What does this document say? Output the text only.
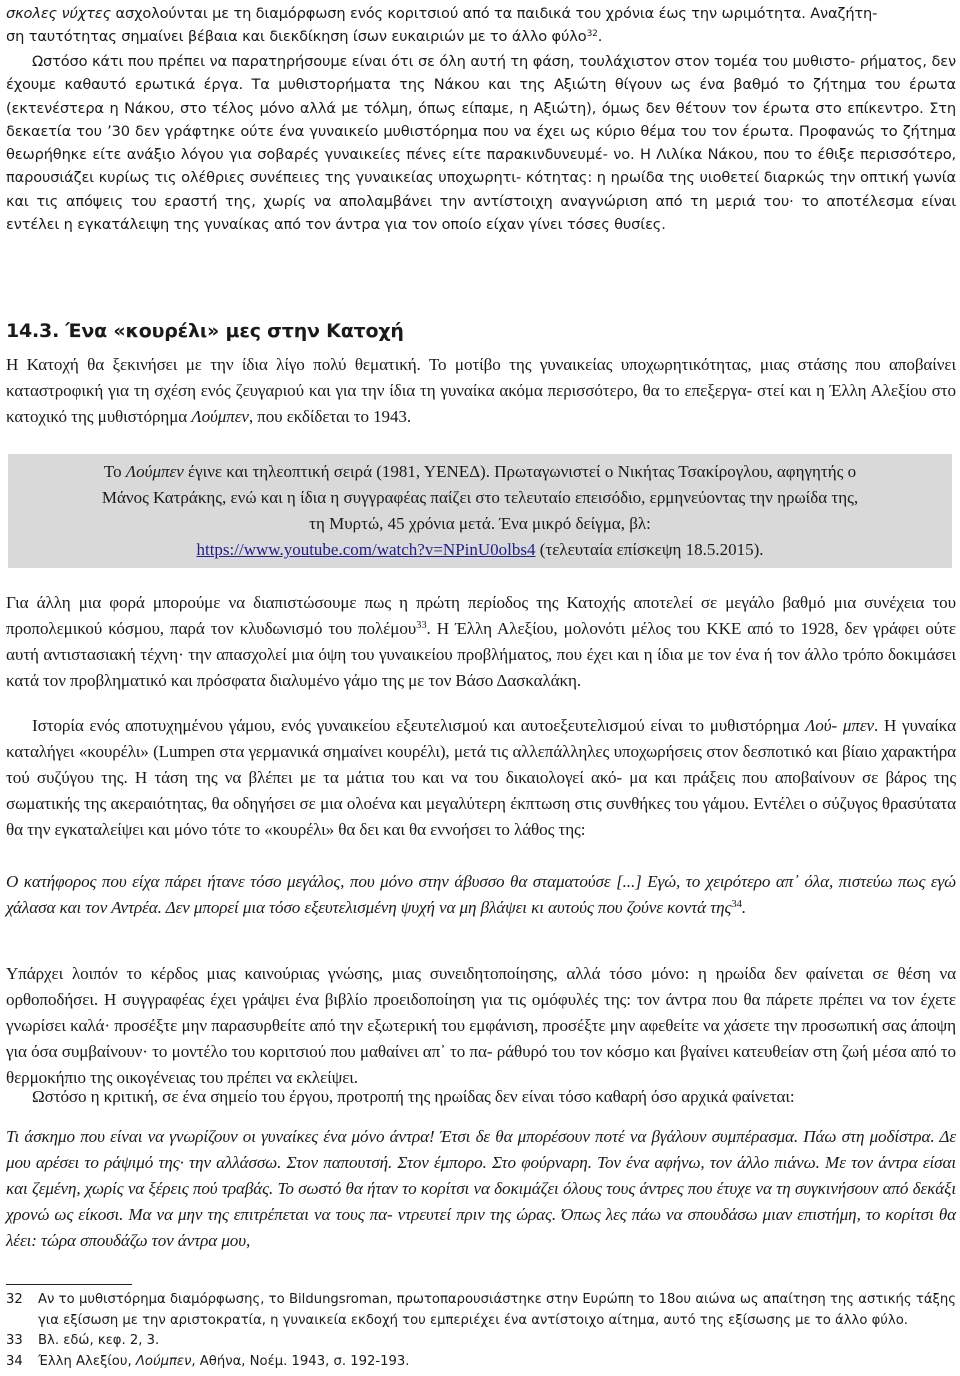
σκολες νύχτες ασχολούνται με τη διαμόρφωση ενός κοριτσιού από τα παιδικά του χρόνια έως την ωριμότητα. Αναζήτη-

ση ταυτότητας σημαίνει βέβαια και διεκδίκηση ίσων ευκαιριών με το άλλο φύλο$^{32}$.

Ωστόσο κάτι που πρέπει να παρατηρήσουμε είναι ότι σε όλη αυτή τη φάση, τουλάχιστον στον τομέα του μυθιστο- ρήματος, δεν έχουμε καθαυτό ερωτικά έργα. Τα μυθιστορήματα της Νάκου και της Αξιώτη θίγουν ως ένα βαθμό το ζήτημα του έρωτα (εκτενέστερα η Νάκου, στο τέλος μόνο αλλά με τόλμη, όπως είπαμε, η Αξιώτη), όμως δεν θέτουν τον έρωτα στο επίκεντρο. Στη δεκαετία του ’30 δεν γράφτηκε ούτε ένα γυναικείο μυθιστόρημα που να έχει ως κύριο θέμα του τον έρωτα. Προφανώς το ζήτημα θεωρήθηκε είτε ανάξιο λόγου για σοβαρές γυναικείες πένες είτε παρακινδυνευμέ- νο. Η Λιλίκα Νάκου, που το έθιξε περισσότερο, παρουσιάζει κυρίως τις ολέθριες συνέπειες της γυναικείας υποχωρητι- κότητας: η ηρωίδα της υιοθετεί διαρκώς την οπτική γωνία και τις απόψεις του εραστή της, χωρίς να απολαμβάνει την αντίστοιχη αναγνώριση από τη μεριά του· το αποτέλεσμα είναι εντέλει η εγκατάλειψη της γυναίκας από τον άντρα για τον οποίο είχαν γίνει τόσες θυσίες.

14.3. Ένα «κουρέλι» μες στην Κατοχή

Η Κατοχή θα ξεκινήσει με την ίδια λίγο πολύ θεματική. Το μοτίβο της γυναικείας υποχωρητικότητας, μιας στάσης που αποβαίνει καταστροφική για τη σχέση ενός ζευγαριού και για την ίδια τη γυναίκα ακόμα περισσότερο, θα το επεξεργα- στεί και η Έλλη Αλεξίου στο κατοχικό της μυθιστόρημα Λούμπεν, που εκδίδεται το 1943.

Το Λούμπεν έγινε και τηλεοπτική σειρά (1981, ΥΕΝΕΔ). Πρωταγωνιστεί ο Νικήτας Τσακίρογλου, αφηγητής ο

Μάνος Κατράκης, ενώ και η ίδια η συγγραφέας παίζει στο τελευταίο επεισόδιο, ερμηνεύοντας την ηρωίδα της,

τη Μυρτώ, 45 χρόνια μετά. Ένα μικρό δείγμα, βλ:

https://www.youtube.com/watch?v=NPinU0olbs4 (τελευταία επίσκεψη 18.5.2015).

Για άλλη μια φορά μπορούμε να διαπιστώσουμε πως η πρώτη περίοδος της Κατοχής αποτελεί σε μεγάλο βαθμό μια συνέχεια του προπολεμικού κόσμου, παρά τον κλυδωνισμό του πολέμου$^{33}$. Η Έλλη Αλεξίου, μολονότι μέλος του ΚΚΕ από το 1928, δεν γράφει ούτε αυτή αντιστασιακή τέχνη· την απασχολεί μια όψη του γυναικείου προβλήματος, που έχει και η ίδια με τον ένα ή τον άλλο τρόπο δοκιμάσει κατά τον προβληματικό και πρόσφατα διαλυμένο γάμο της με τον Βάσο Δασκαλάκη.

Ιστορία ενός αποτυχημένου γάμου, ενός γυναικείου εξευτελισμού και αυτοεξευτελισμού είναι το μυθιστόρημα Λού- μπεν. Η γυναίκα καταλήγει «κουρέλι» (Lumpen στα γερμανικά σημαίνει κουρέλι), μετά τις αλλεπάλληλες υποχωρήσεις στον δεσποτικό και βίαιο χαρακτήρα τού συζύγου της. Η τάση της να βλέπει με τα μάτια του και να του δικαιολογεί ακό- μα και πράξεις που αποβαίνουν σε βάρος της σωματικής της ακεραιότητας, θα οδηγήσει σε μια ολοένα και μεγαλύτερη έκπτωση στις συνθήκες του γάμου. Εντέλει ο σύζυγος θρασύτατα θα την εγκαταλείψει και μόνο τότε το «κουρέλι» θα δει και θα εννοήσει το λάθος της:

Ο κατήφορος που είχα πάρει ήτανε τόσο μεγάλος, που μόνο στην άβυσσο θα σταματούσε [...] Εγώ, το χειρότερο απ᾽ όλα, πιστεύω πως εγώ χάλασα και τον Αντρέα. Δεν μπορεί μια τόσο εξευτελισμένη ψυχή να μη βλάψει κι αυτούς που ζούνε κοντά της$^{34}$.

Υπάρχει λοιπόν το κέρδος μιας καινούριας γνώσης, μιας συνειδητοποίησης, αλλά τόσο μόνο: η ηρωίδα δεν φαίνεται σε θέση να ορθοποδήσει. Η συγγραφέας έχει γράψει ένα βιβλίο προειδοποίηση για τις ομόφυλές της: τον άντρα που θα πάρετε πρέπει να τον έχετε γνωρίσει καλά· προσέξτε μην παρασυρθείτε από την εξωτερική του εμφάνιση, προσέξτε μην αφεθείτε να χάσετε την προσωπική σας άποψη για όσα συμβαίνουν· το μοντέλο του κοριτσιού που μαθαίνει απ᾽ το πα- ράθυρό του τον κόσμο και βγαίνει κατευθείαν στη ζωή μέσα από το θερμοκήπιο της οικογένειας του πρέπει να εκλείψει.

Ωστόσο η κριτική, σε ένα σημείο του έργου, προτροπή της ηρωίδας δεν είναι τόσο καθαρή όσο αρχικά φαίνεται:

Τι άσκημο που είναι να γνωρίζουν οι γυναίκες ένα μόνο άντρα! Έτσι δε θα μπορέσουν ποτέ να βγάλουν συμπέρασμα. Πάω στη μοδίστρα. Δε μου αρέσει το ράψιμό της· την αλλάσσω. Στον παπουτσή. Στον έμπορο. Στο φούρναρη. Τον ένα αφήνω, τον άλλο πιάνω. Με τον άντρα είσαι και ζεμένη, χωρίς να ξέρεις πού τραβάς. Το σωστό θα ήταν το κορίτσι να δοκιμάζει όλους τους άντρες που έτυχε να τη συγκινήσουν από δεκάξι χρονώ ως είκοσι. Μα να μην της επιτρέπεται να τους πα- ντρευτεί πριν της ώρας. Όπως λες πάω να σπουδάσω μιαν επιστήμη, το κορίτσι θα λέει: τώρα σπουδάζω τον άντρα μου,

32	Αν το μυθιστόρημα διαμόρφωσης, το Bildungsroman, πρωτοπαρουσιάστηκε στην Ευρώπη το 18ου αιώνα ως απαίτηση της αστικής τάξης για εξίσωση με την αριστοκρατία, η γυναικεία εκδοχή του εμπεριέχει ένα αντίστοιχο αίτημα, αυτό της εξίσωσης με το άλλο φύλο.
33	Βλ. εδώ, κεφ. 2, 3.
34	Έλλη Αλεξίου, Λούμπεν, Αθήνα, Νοέμ. 1943, σ. 192-193.
